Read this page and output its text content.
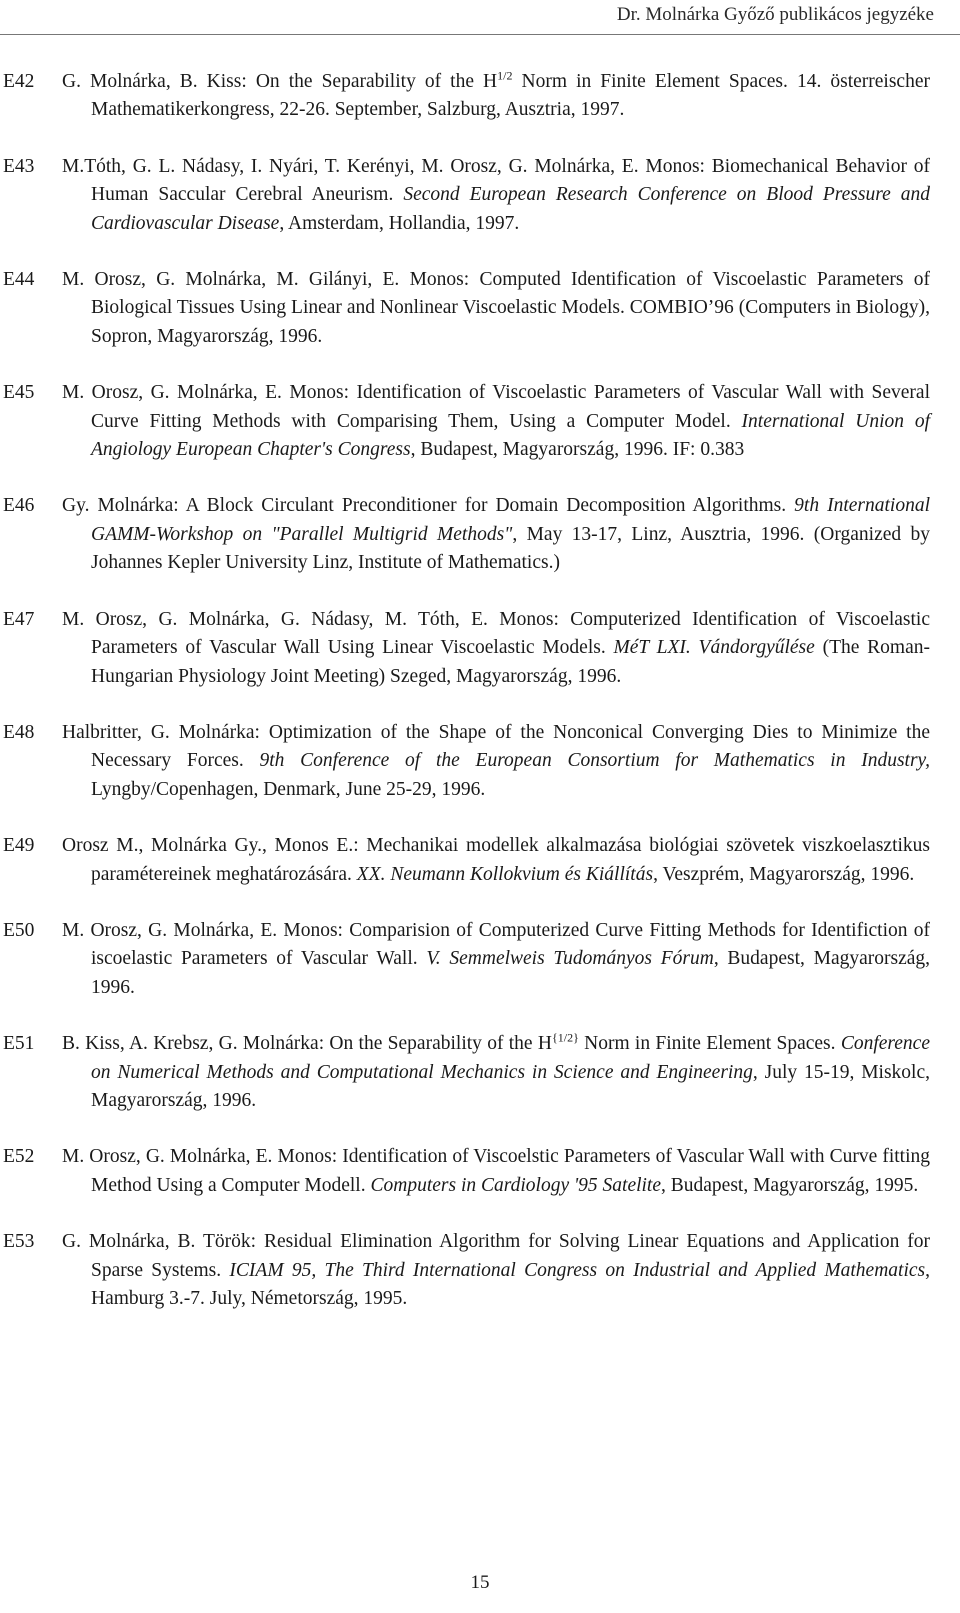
Dr. Molnárka Győző publikácos jegyzéke
E42 G. Molnárka, B. Kiss: On the Separability of the $H^{1/2}$ Norm in Finite Element Spaces. 14. österreischer Mathematikerkongress, 22-26. September, Salzburg, Ausztria, 1997.
E43 M.Tóth, G. L. Nádasy, I. Nyári, T. Kerényi, M. Orosz, G. Molnárka, E. Monos: Biomechanical Behavior of Human Saccular Cerebral Aneurism. Second European Research Conference on Blood Pressure and Cardiovascular Disease, Amsterdam, Hollandia, 1997.
E44 M. Orosz, G. Molnárka, M. Gilányi, E. Monos: Computed Identification of Viscoelastic Parameters of Biological Tissues Using Linear and Nonlinear Viscoelastic Models. COMBIO’96 (Computers in Biology), Sopron, Magyarország, 1996.
E45 M. Orosz, G. Molnárka, E. Monos: Identification of Viscoelastic Parameters of Vascular Wall with Several Curve Fitting Methods with Comparising Them, Using a Computer Model. International Union of Angiology European Chapter's Congress, Budapest, Magyarország, 1996. IF: 0.383
E46 Gy. Molnárka: A Block Circulant Preconditioner for Domain Decomposition Algorithms. 9th International GAMM-Workshop on "Parallel Multigrid Methods", May 13-17, Linz, Ausztria, 1996. (Organized by Johannes Kepler University Linz, Institute of Mathematics.)
E47 M. Orosz, G. Molnárka, G. Nádasy, M. Tóth, E. Monos: Computerized Identification of Viscoelastic Parameters of Vascular Wall Using Linear Viscoelastic Models. MéT LXI. Vándorgyűlése (The Roman-Hungarian Physiology Joint Meeting) Szeged, Magyarország, 1996.
E48 Halbritter, G. Molnárka: Optimization of the Shape of the Nonconical Converging Dies to Minimize the Necessary Forces. 9th Conference of the European Consortium for Mathematics in Industry, Lyngby/Copenhagen, Denmark, June 25-29, 1996.
E49 Orosz M., Molnárka Gy., Monos E.: Mechanikai modellek alkalmazása biológiai szövetek viszkoelasztikus paramétereinek meghatározására. XX. Neumann Kollokvium és Kiállítás, Veszprém, Magyarország, 1996.
E50 M. Orosz, G. Molnárka, E. Monos: Comparision of Computerized Curve Fitting Methods for Identifiction of iscoelastic Parameters of Vascular Wall. V. Semmelweis Tudományos Fórum, Budapest, Magyarország, 1996.
E51 B. Kiss, A. Krebsz, G. Molnárka: On the Separability of the $H^{\{1/2\}}$ Norm in Finite Element Spaces. Conference on Numerical Methods and Computational Mechanics in Science and Engineering, July 15-19, Miskolc, Magyarország, 1996.
E52 M. Orosz, G. Molnárka, E. Monos: Identification of Viscoelstic Parameters of Vascular Wall with Curve fitting Method Using a Computer Modell. Computers in Cardiology '95 Satelite, Budapest, Magyarország, 1995.
E53 G. Molnárka, B. Török: Residual Elimination Algorithm for Solving Linear Equations and Application for Sparse Systems. ICIAM 95, The Third International Congress on Industrial and Applied Mathematics, Hamburg 3.-7. July, Németország, 1995.
15
